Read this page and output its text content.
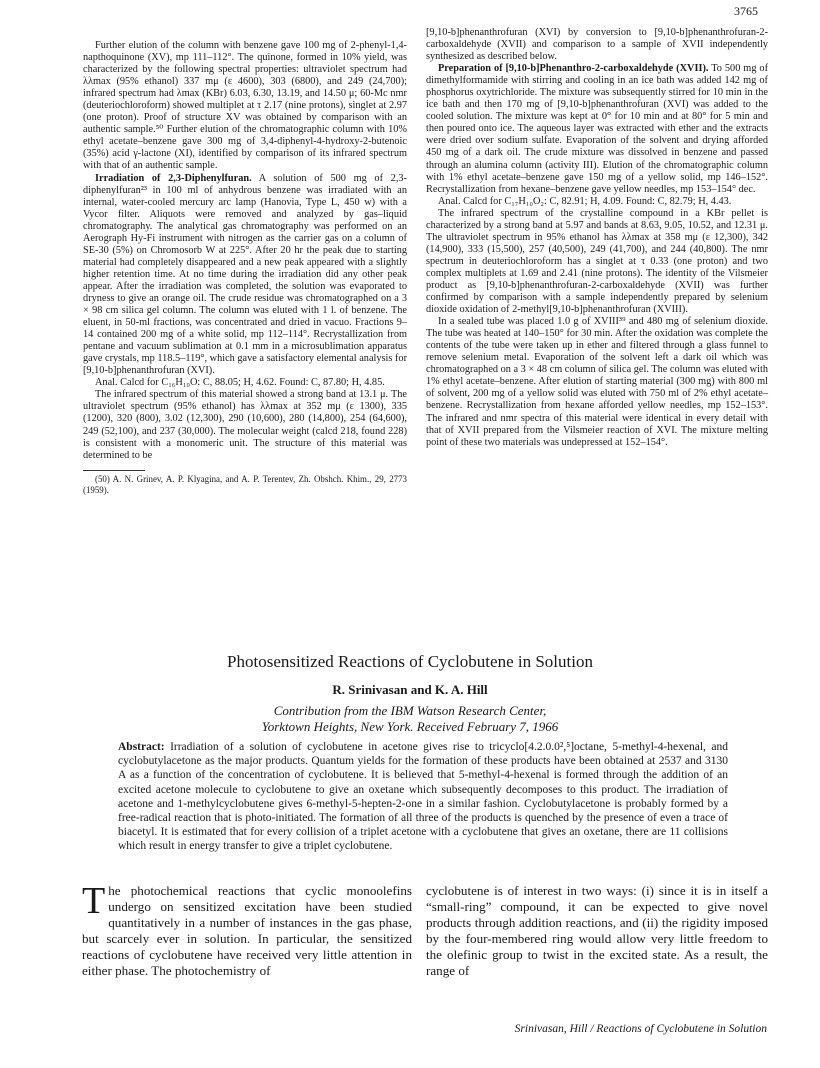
3765

Further elution of the column with benzene gave 100 mg of 2-phenyl-1,4-napthoquinone (XV), mp 111–112°. The quinone, formed in 10% yield, was characterized by the following spectral properties: ultraviolet spectrum had λλmax (95% ethanol) 337 mμ (ε 4600), 303 (6800), and 249 (24,700); infrared spectrum had λmax (KBr) 6.03, 6.30, 13.19, and 14.50 μ; 60-Mc nmr (deuteriochloroform) showed multiplet at τ 2.17 (nine protons), singlet at 2.97 (one proton). Proof of structure XV was obtained by comparison with an authentic sample.⁵⁰ Further elution of the chromatographic column with 10% ethyl acetate–benzene gave 300 mg of 3,4-diphenyl-4-hydroxy-2-butenoic (35%) acid γ-lactone (XI), identified by comparison of its infrared spectrum with that of an authentic sample.

Irradiation of 2,3-Diphenylfuran. A solution of 500 mg of 2,3-diphenylfuran²³ in 100 ml of anhydrous benzene was irradiated with an internal, water-cooled mercury arc lamp (Hanovia, Type L, 450 w) with a Vycor filter. Aliquots were removed and analyzed by gas–liquid chromatography. The analytical gas chromatography was performed on an Aerograph Hy-Fi instrument with nitrogen as the carrier gas on a column of SE-30 (5%) on Chromosorb W at 225°. After 20 hr the peak due to starting material had completely disappeared and a new peak appeared with a slightly higher retention time. At no time during the irradiation did any other peak appear. After the irradiation was completed, the solution was evaporated to dryness to give an orange oil. The crude residue was chromatographed on a 3 × 98 cm silica gel column. The column was eluted with 1 l. of benzene. The eluent, in 50-ml fractions, was concentrated and dried in vacuo. Fractions 9–14 contained 200 mg of a white solid, mp 112–114°. Recrystallization from pentane and vacuum sublimation at 0.1 mm in a microsublimation apparatus gave crystals, mp 118.5–119°, which gave a satisfactory elemental analysis for [9,10-b]phenanthrofuran (XVI).

Anal. Calcd for C₁₆H₁₀O: C, 88.05; H, 4.62. Found: C, 87.80; H, 4.85.

The infrared spectrum of this material showed a strong band at 13.1 μ. The ultraviolet spectrum (95% ethanol) has λλmax at 352 mμ (ε 1300), 335 (1200), 320 (800), 3.02 (12,300), 290 (10,600), 280 (14,800), 254 (64,600), 249 (52,100), and 237 (30,000). The molecular weight (calcd 218, found 228) is consistent with a monomeric unit. The structure of this material was determined to be

(50) A. N. Grinev, A. P. Klyagina, and A. P. Terentev, Zh. Obshch. Khim., 29, 2773 (1959).

[9,10-b]phenanthrofuran (XVI) by conversion to [9,10-b]phenanthrofuran-2-carboxaldehyde (XVII) and comparison to a sample of XVII independently synthesized as described below.

Preparation of [9,10-b]Phenanthro-2-carboxaldehyde (XVII). To 500 mg of dimethylformamide with stirring and cooling in an ice bath was added 142 mg of phosphorus oxytrichloride. The mixture was subsequently stirred for 10 min in the ice bath and then 170 mg of [9,10-b]phenanthrofuran (XVI) was added to the cooled solution. The mixture was kept at 0° for 10 min and at 80° for 5 min and then poured onto ice. The aqueous layer was extracted with ether and the extracts were dried over sodium sulfate. Evaporation of the solvent and drying afforded 450 mg of a dark oil. The crude mixture was dissolved in benzene and passed through an alumina column (activity III). Elution of the chromatographic column with 1% ethyl acetate–benzene gave 150 mg of a yellow solid, mp 146–152°. Recrystallization from hexane–benzene gave yellow needles, mp 153–154° dec.

Anal. Calcd for C₁₇H₁₀O₂: C, 82.91; H, 4.09. Found: C, 82.79; H, 4.43.

The infrared spectrum of the crystalline compound in a KBr pellet is characterized by a strong band at 5.97 and bands at 8.63, 9.05, 10.52, and 12.31 μ. The ultraviolet spectrum in 95% ethanol has λλmax at 358 mμ (ε 12,300), 342 (14,900), 333 (15,500), 257 (40,500), 249 (41,700), and 244 (40,800). The nmr spectrum in deuteriochloroform has a singlet at τ 0.33 (one proton) and two complex multiplets at 1.69 and 2.41 (nine protons). The identity of the Vilsmeier product as [9,10-b]phenanthrofuran-2-carboxaldehyde (XVII) was further confirmed by comparison with a sample independently prepared by selenium dioxide oxidation of 2-methyl[9,10-b]phenanthrofuran (XVIII).

In a sealed tube was placed 1.0 g of XVIII³⁹ and 480 mg of selenium dioxide. The tube was heated at 140–150° for 30 min. After the oxidation was complete the contents of the tube were taken up in ether and filtered through a glass funnel to remove selenium metal. Evaporation of the solvent left a dark oil which was chromatographed on a 3 × 48 cm column of silica gel. The column was eluted with 1% ethyl acetate–benzene. After elution of starting material (300 mg) with 800 ml of solvent, 200 mg of a yellow solid was eluted with 750 ml of 2% ethyl acetate–benzene. Recrystallization from hexane afforded yellow needles, mp 152–153°. The infrared and nmr spectra of this material were identical in every detail with that of XVII prepared from the Vilsmeier reaction of XVI. The mixture melting point of these two materials was undepressed at 152–154°.

Photosensitized Reactions of Cyclobutene in Solution
R. Srinivasan and K. A. Hill
Contribution from the IBM Watson Research Center,
Yorktown Heights, New York. Received February 7, 1966
Abstract: Irradiation of a solution of cyclobutene in acetone gives rise to tricyclo[4.2.0.0²,⁵]octane, 5-methyl-4-hexenal, and cyclobutylacetone as the major products. Quantum yields for the formation of these products have been obtained at 2537 and 3130 A as a function of the concentration of cyclobutene. It is believed that 5-methyl-4-hexenal is formed through the addition of an excited acetone molecule to cyclobutene to give an oxetane which subsequently decomposes to this product. The irradiation of acetone and 1-methylcyclobutene gives 6-methyl-5-hepten-2-one in a similar fashion. Cyclobutylacetone is probably formed by a free-radical reaction that is photo-initiated. The formation of all three of the products is quenched by the presence of even a trace of biacetyl. It is estimated that for every collision of a triplet acetone with a cyclobutene that gives an oxetane, there are 11 collisions which result in energy transfer to give a triplet cyclobutene.
The photochemical reactions that cyclic monoolefins undergo on sensitized excitation have been studied quantitatively in a number of instances in the gas phase, but scarcely ever in solution. In particular, the sensitized reactions of cyclobutene have received very little attention in either phase. The photochemistry of
cyclobutene is of interest in two ways: (i) since it is in itself a “small-ring” compound, it can be expected to give novel products through addition reactions, and (ii) the rigidity imposed by the four-membered ring would allow very little freedom to the olefinic group to twist in the excited state. As a result, the range of
Srinivasan, Hill / Reactions of Cyclobutene in Solution
